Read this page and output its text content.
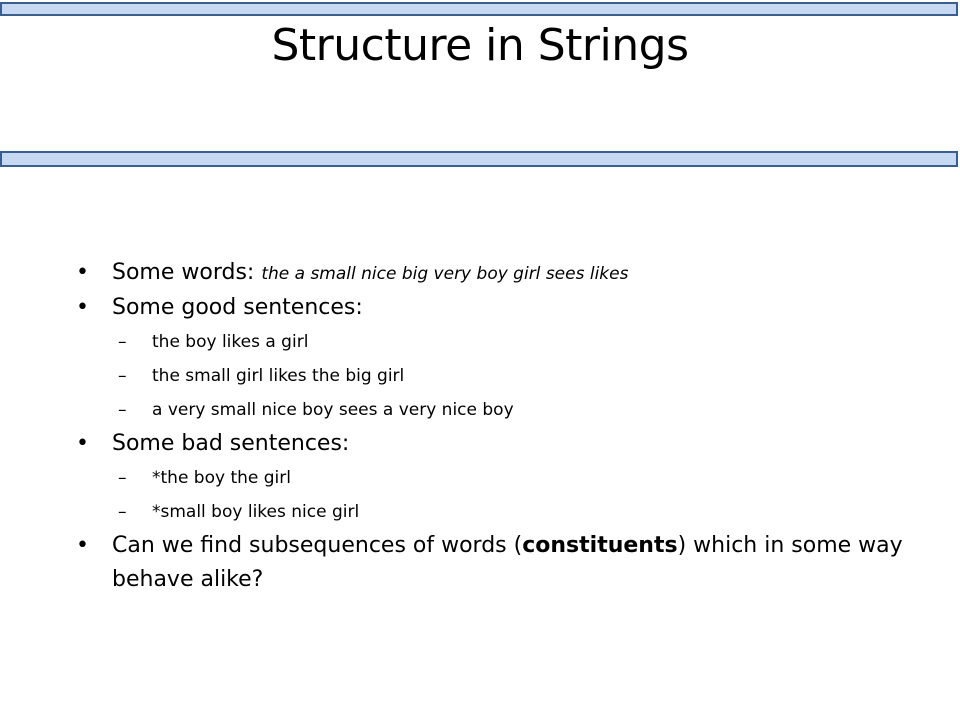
Structure in Strings
• Some words: the a small nice big very boy girl sees likes
• Some good sentences:
– the boy likes a girl
– the small girl likes the big girl
– a very small nice boy sees a very nice boy
• Some bad sentences:
– *the boy the girl
– *small boy likes nice girl
• Can we find subsequences of words (constituents) which in some way behave alike?
